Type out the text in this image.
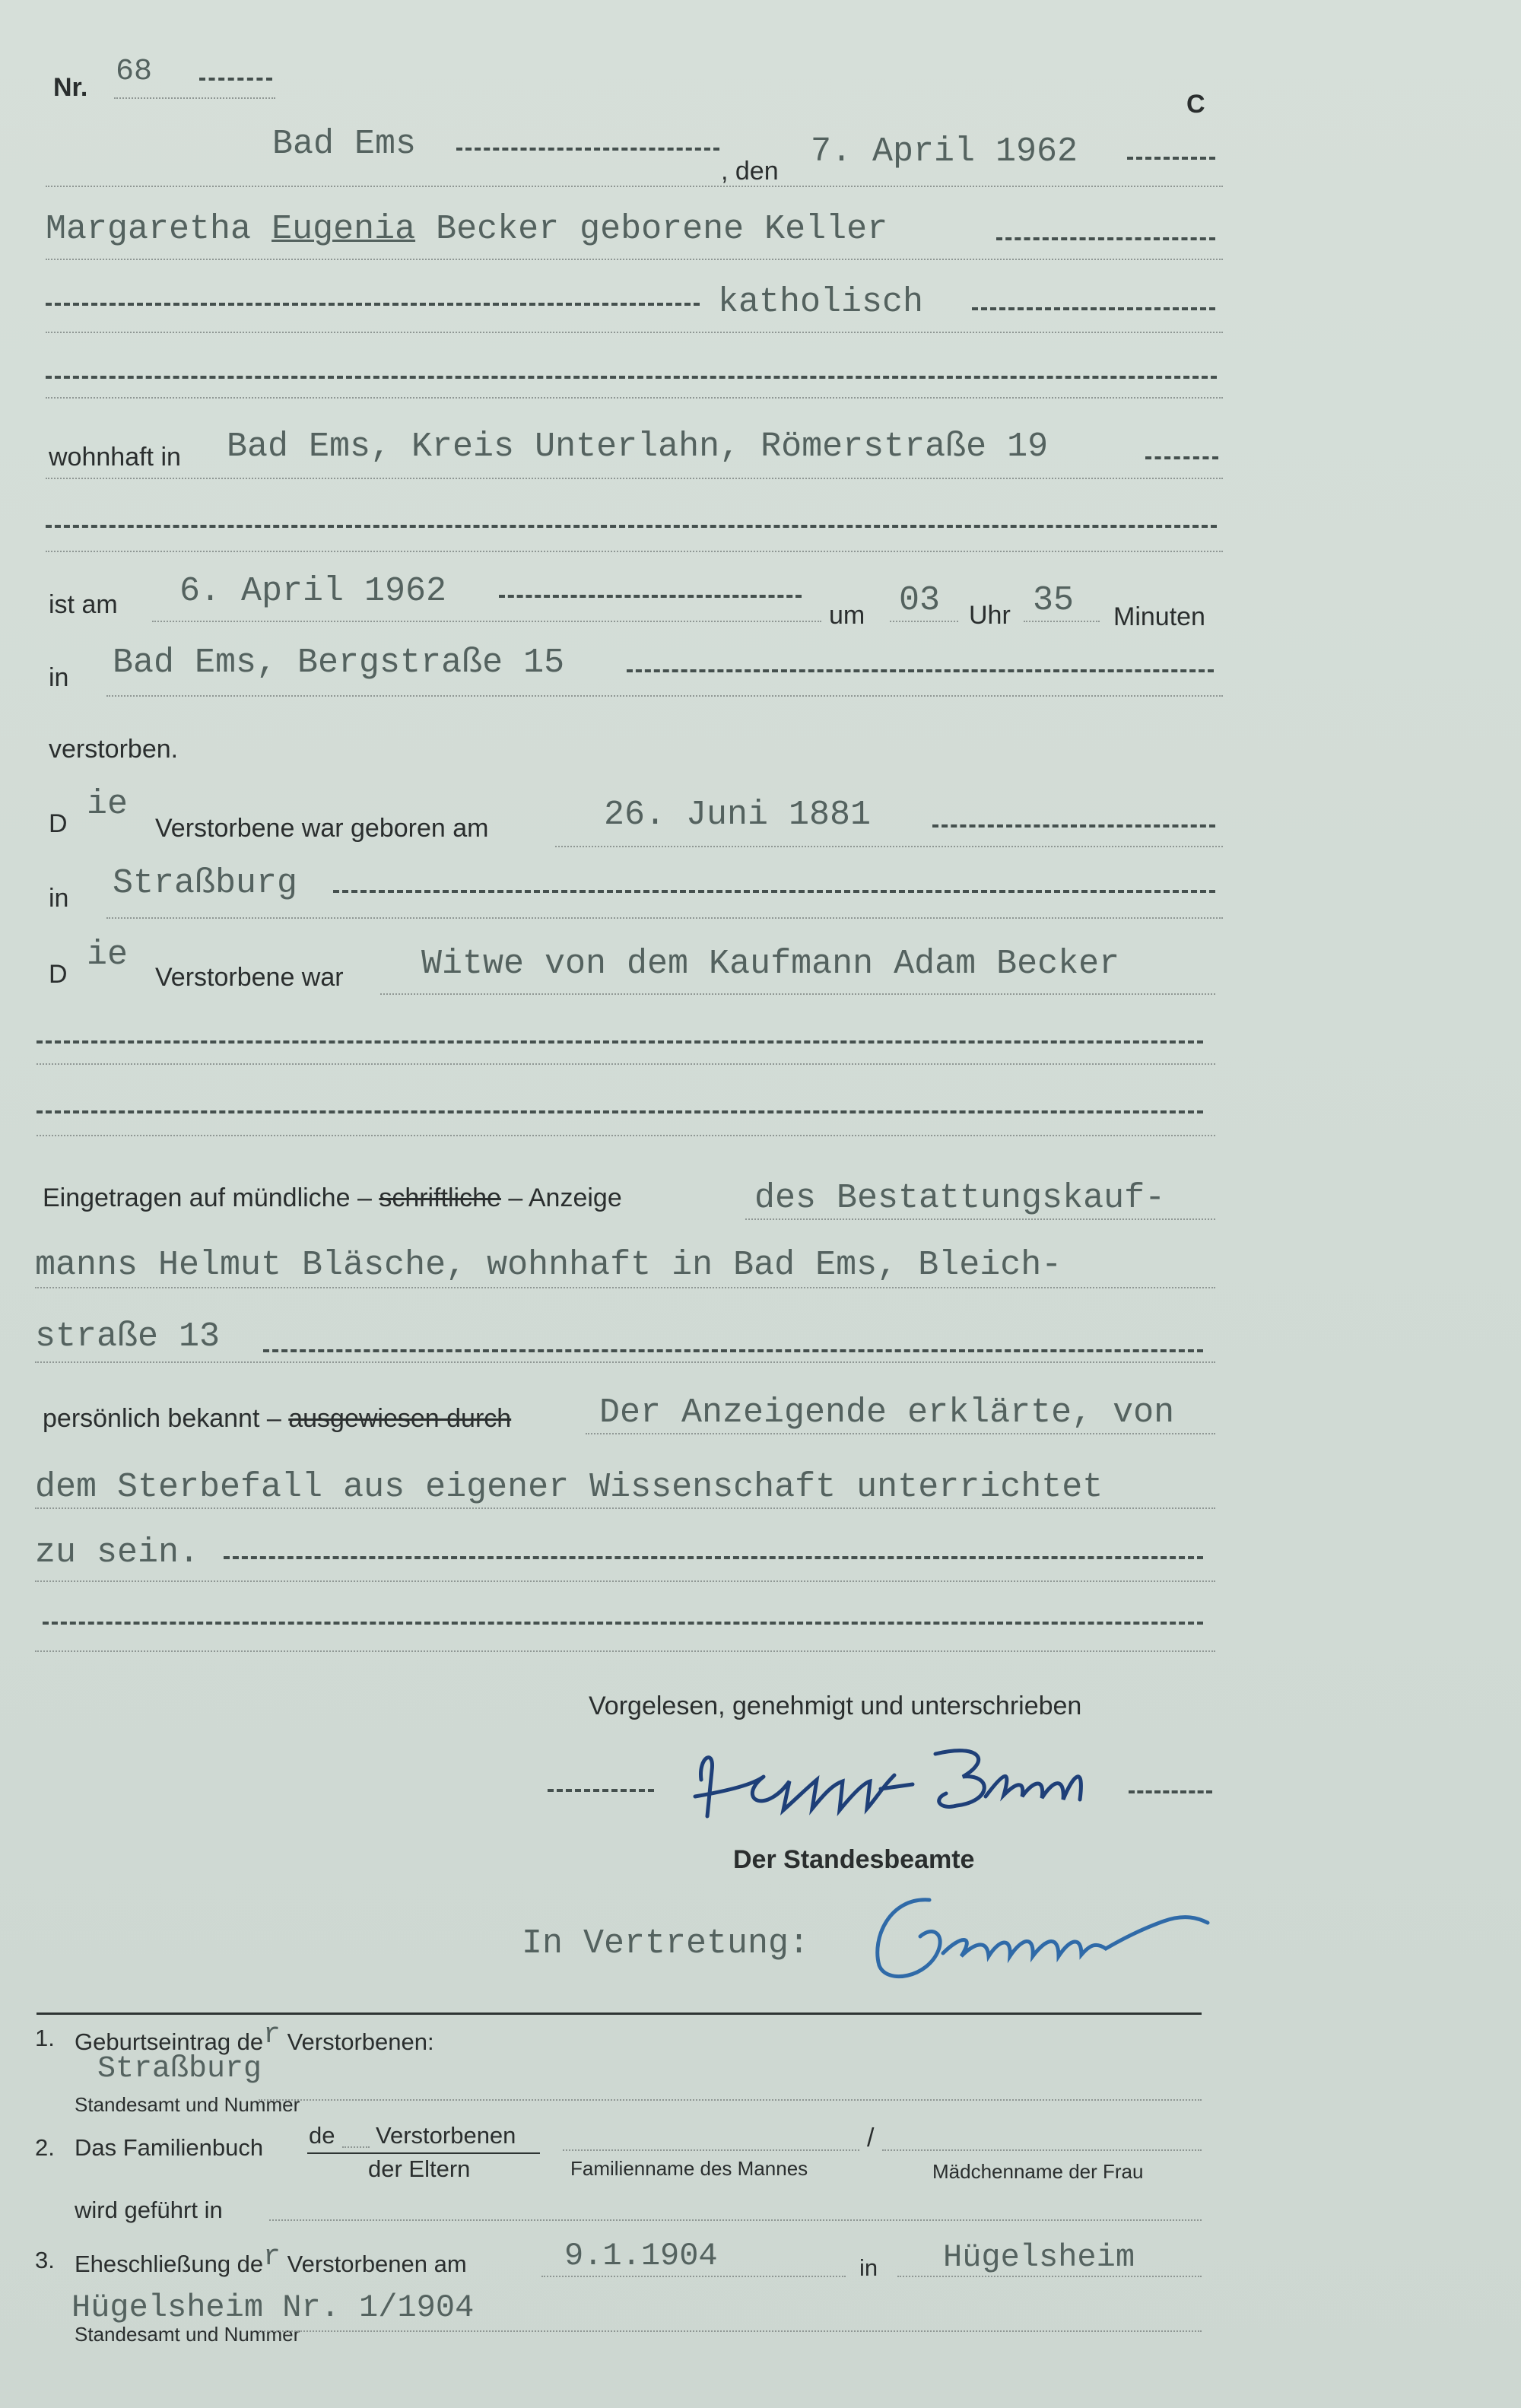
Nr. 68
C
Bad Ems
, den 7. April 1962
Margaretha Eugenia Becker geborene Keller
katholisch
wohnhaft in Bad Ems, Kreis Unterlahn, Römerstraße 19
ist am 6. April 1962
um 03 Uhr 35 Minuten
in Bad Ems, Bergstraße 15
verstorben.
D ie
Verstorbene war geboren am	26. Juni 1881
in Straßburg
D ie
Verstorbene war Witwe von dem Kaufmann Adam Becker
Eingetragen auf mündliche – schriftliche – Anzeige	des Bestattungskauf-
manns Helmut Bläsche, wohnhaft in Bad Ems, Bleich-
straße 13
persönlich bekannt – ausgewiesen durch	Der Anzeigende erklärte, von
dem Sterbefall aus eigener Wissenschaft unterrichtet
zu sein.
Vorgelesen, genehmigt und unterschrieben
Der Standesbeamte
In Vertretung:
1. Geburtseintrag der Verstorbenen:
Straßburg
Standesamt und Nummer
2. Das Familienbuch de Verstorbenen
der Eltern	Familienname des Mannes
/
Mädchenname der Frau
wird geführt in
3. Eheschließung der Verstorbenen am	9.1.1904	in Hügelsheim
Hügelsheim Nr. 1/1904
Standesamt und Nummer
